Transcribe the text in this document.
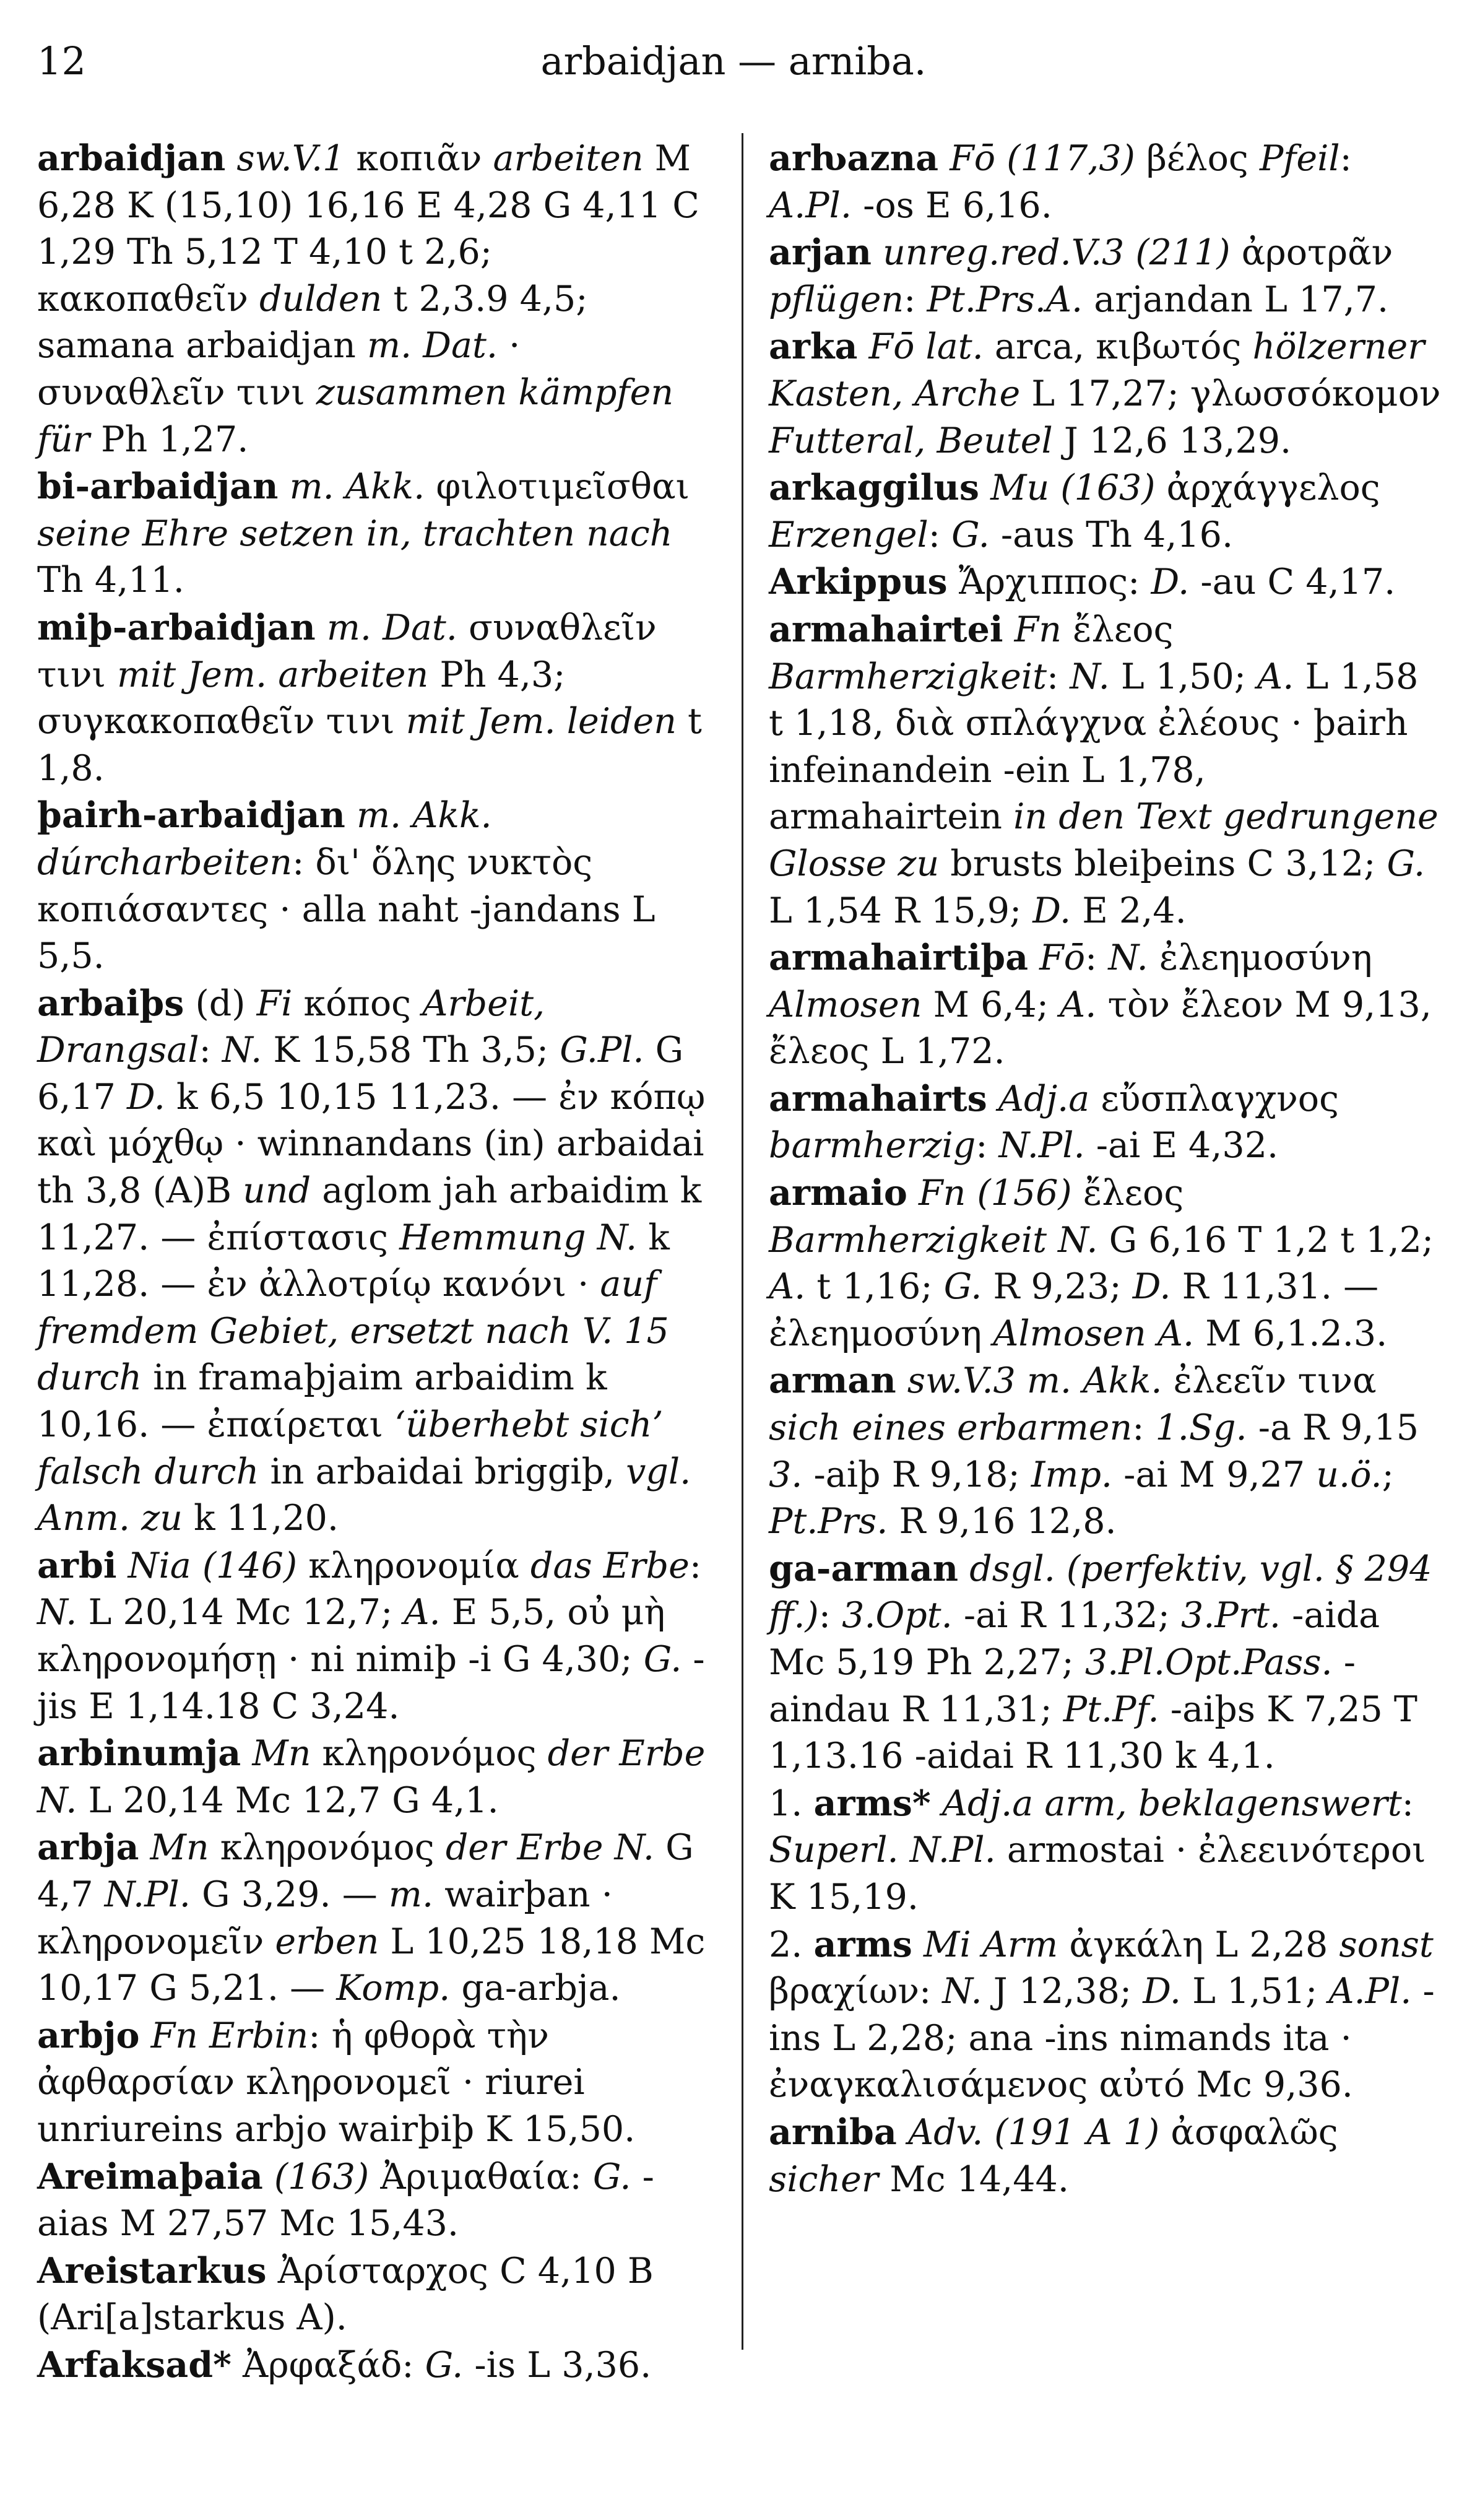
12	arbaidjan — arniba.
arbaidjan sw.V.1 κοπιᾶν arbeiten M 6,28 K (15,10) 16,16 E 4,28 G 4,11 C 1,29 Th 5,12 T 4,10 t 2,6; κακοπαθεῖν dulden t 2,3.9 4,5; samana arbaidjan m. Dat. · συναθλεῖν τινι zusammen kämpfen für Ph 1,27.
bi-arbaidjan m. Akk. φιλοτιμεῖσθαι seine Ehre setzen in, trachten nach Th 4,11.
miþ-arbaidjan m. Dat. συναθλεῖν τινι mit Jem. arbeiten Ph 4,3; συγκακοπαθεῖν τινι mit Jem. leiden t 1,8.
þairh-arbaidjan m. Akk. dúrcharbeiten: δι' ὅλης νυκτὸς κοπιάσαντες · alla naht -jandans L 5,5.
arbaiþs (d) Fi κόπος Arbeit, Drangsal: N. K 15,58 Th 3,5; G.Pl. G 6,17 D. k 6,5 10,15 11,23. — ἐν κόπῳ καὶ μόχθῳ · winnandans (in) arbaidai th 3,8 (A)B und aglom jah arbaidim k 11,27. — ἐπίστασις Hemmung N. k 11,28. — ἐν ἀλλοτρίῳ κανόνι · auf fremdem Gebiet, ersetzt nach V. 15 durch in framaþjaim arbaidim k 10,16. — ἐπαίρεται ‘überhebt sich’ falsch durch in arbaidai briggiþ, vgl. Anm. zu k 11,20.
arbi Nia (146) κληρονομία das Erbe: N. L 20,14 Mc 12,7; A. E 5,5, οὐ μὴ κληρονομήσῃ · ni nimiþ -i G 4,30; G. -jis E 1,14.18 C 3,24.
arbinumja Mn κληρονόμος der Erbe N. L 20,14 Mc 12,7 G 4,1.
arbja Mn κληρονόμος der Erbe N. G 4,7 N.Pl. G 3,29. — m. wairþan · κληρονομεῖν erben L 10,25 18,18 Mc 10,17 G 5,21. — Komp. ga-arbja.
arbjo Fn Erbin: ἡ φθορὰ τὴν ἀφθαρσίαν κληρονομεῖ · riurei unriureins arbjo wairþiþ K 15,50.
Areimaþaia (163) Ἀριμαθαία: G. -aias M 27,57 Mc 15,43.
Areistarkus Ἀρίσταρχος C 4,10 B (Ari[a]starkus A).
Arfaksad* Ἀρφαξάδ: G. -is L 3,36.
arƕazna Fō (117,3) βέλος Pfeil: A.Pl. -os E 6,16.
arjan unreg.red.V.3 (211) ἀροτρᾶν pflügen: Pt.Prs.A. arjandan L 17,7.
arka Fō lat. arca, κιβωτός hölzerner Kasten, Arche L 17,27; γλωσσόκομον Futteral, Beutel J 12,6 13,29.
arkaggilus Mu (163) ἀρχάγγελος Erzengel: G. -aus Th 4,16.
Arkippus Ἄρχιππος: D. -au C 4,17.
armahairtei Fn ἔλεος Barmherzigkeit: N. L 1,50; A. L 1,58 t 1,18, διὰ σπλάγχνα ἐλέους · þairh infeinandein -ein L 1,78, armahairtein in den Text gedrungene Glosse zu brusts bleiþeins C 3,12; G. L 1,54 R 15,9; D. E 2,4.
armahairtiþa Fō: N. ἐλεημοσύνη Almosen M 6,4; A. τὸν ἔλεον M 9,13, ἔλεος L 1,72.
armahairts Adj.a εὔσπλαγχνος barmherzig: N.Pl. -ai E 4,32.
armaio Fn (156) ἔλεος Barmherzigkeit N. G 6,16 T 1,2 t 1,2; A. t 1,16; G. R 9,23; D. R 11,31. — ἐλεημοσύνη Almosen A. M 6,1.2.3.
arman sw.V.3 m. Akk. ἐλεεῖν τινα sich eines erbarmen: 1.Sg. -a R 9,15 3. -aiþ R 9,18; Imp. -ai M 9,27 u.ö.; Pt.Prs. R 9,16 12,8.
ga-arman dsgl. (perfektiv, vgl. § 294 ff.): 3.Opt. -ai R 11,32; 3.Prt. -aida Mc 5,19 Ph 2,27; 3.Pl.Opt.Pass. -aindau R 11,31; Pt.Pf. -aiþs K 7,25 T 1,13.16 -aidai R 11,30 k 4,1.
1. arms* Adj.a arm, beklagenswert: Superl. N.Pl. armostai · ἐλεεινότεροι K 15,19.
2. arms Mi Arm ἀγκάλη L 2,28 sonst βραχίων: N. J 12,38; D. L 1,51; A.Pl. -ins L 2,28; ana -ins nimands ita · ἐναγκαλισάμενος αὐτό Mc 9,36.
arniba Adv. (191 A 1) ἀσφαλῶς sicher Mc 14,44.
